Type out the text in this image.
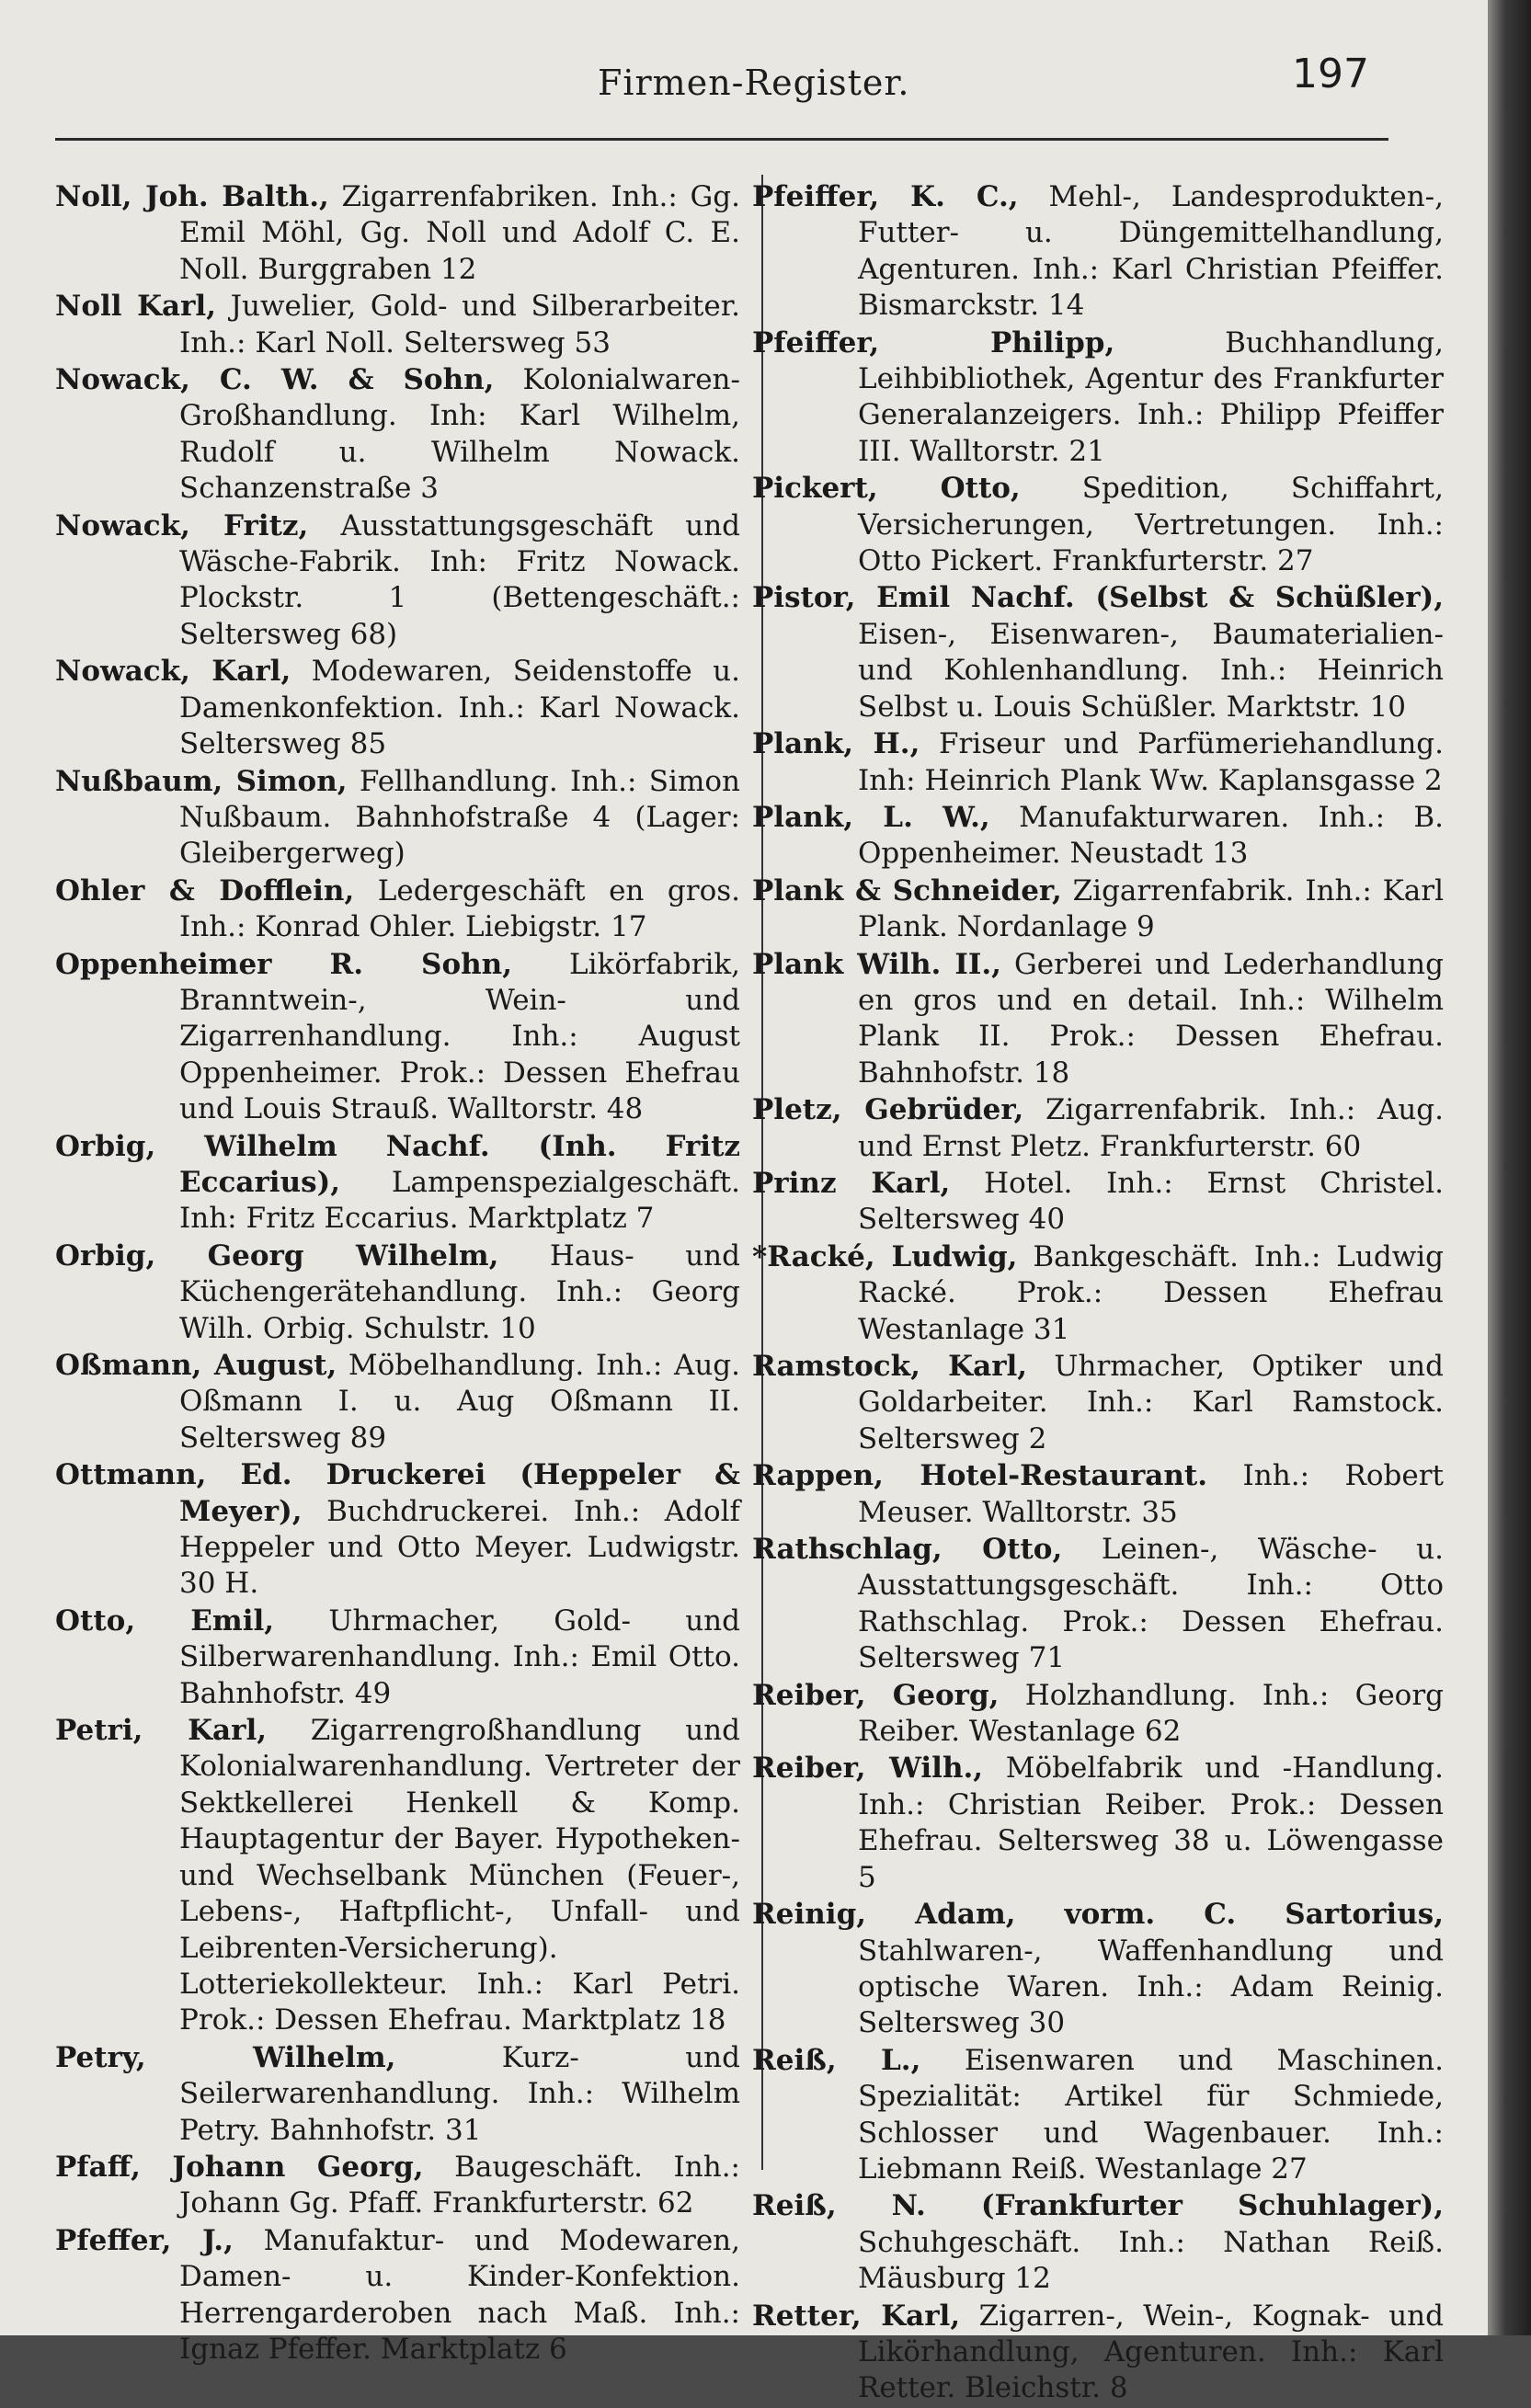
Firmen-Register.	197
Noll, Joh. Balth., Zigarrenfabriken. Inh.: Gg. Emil Möhl, Gg. Noll und Adolf C. E. Noll. Burggraben 12
Noll Karl, Juwelier, Gold- und Silberarbeiter. Inh.: Karl Noll. Seltersweg 53
Nowack, C. W. & Sohn, Kolonialwaren-Großhandlung. Inh: Karl Wilhelm, Rudolf u. Wilhelm Nowack. Schanzenstraße 3
Nowack, Fritz, Ausstattungsgeschäft und Wäsche-Fabrik. Inh: Fritz Nowack. Plockstr. 1 (Bettengeschäft.: Seltersweg 68)
Nowack, Karl, Modewaren, Seidenstoffe u. Damenkonfektion. Inh.: Karl Nowack. Seltersweg 85
Nußbaum, Simon, Fellhandlung. Inh.: Simon Nußbaum. Bahnhofstraße 4 (Lager: Gleibergerweg)
Ohler & Dofflein, Ledergeschäft en gros. Inh.: Konrad Ohler. Liebigstr. 17
Oppenheimer R. Sohn, Likörfabrik, Branntwein-, Wein- und Zigarrenhandlung. Inh.: August Oppenheimer. Prok.: Dessen Ehefrau und Louis Strauß. Walltorstr. 48
Orbig, Wilhelm Nachf. (Inh. Fritz Eccarius), Lampenspezialgeschäft. Inh: Fritz Eccarius. Marktplatz 7
Orbig, Georg Wilhelm, Haus- und Küchengerätehandlung. Inh.: Georg Wilh. Orbig. Schulstr. 10
Oßmann, August, Möbelhandlung. Inh.: Aug. Oßmann I. u. Aug Oßmann II. Seltersweg 89
Ottmann, Ed. Druckerei (Heppeler & Meyer), Buchdruckerei. Inh.: Adolf Heppeler und Otto Meyer. Ludwigstr. 30 H.
Otto, Emil, Uhrmacher, Gold- und Silberwarenhandlung. Inh.: Emil Otto. Bahnhofstr. 49
Petri, Karl, Zigarrengroßhandlung und Kolonialwarenhandlung. Vertreter der Sektkellerei Henkell & Komp. Hauptagentur der Bayer. Hypotheken- und Wechselbank München (Feuer-, Lebens-, Haftpflicht-, Unfall- und Leibrenten-Versicherung). Lotteriekollekteur. Inh.: Karl Petri. Prok.: Dessen Ehefrau. Marktplatz 18
Petry, Wilhelm, Kurz- und Seilerwarenhandlung. Inh.: Wilhelm Petry. Bahnhofstr. 31
Pfaff, Johann Georg, Baugeschäft. Inh.: Johann Gg. Pfaff. Frankfurterstr. 62
Pfeffer, J., Manufaktur- und Modewaren, Damen- u. Kinder-Konfektion. Herrengarderoben nach Maß. Inh.: Ignaz Pfeffer. Marktplatz 6
Pfeiffer, K. C., Mehl-, Landesprodukten-, Futter- u. Düngemittelhandlung, Agenturen. Inh.: Karl Christian Pfeiffer. Bismarckstr. 14
Pfeiffer, Philipp, Buchhandlung, Leihbibliothek, Agentur des Frankfurter Generalanzeigers. Inh.: Philipp Pfeiffer III. Walltorstr. 21
Pickert, Otto, Spedition, Schiffahrt, Versicherungen, Vertretungen. Inh.: Otto Pickert. Frankfurterstr. 27
Pistor, Emil Nachf. (Selbst & Schüßler), Eisen-, Eisenwaren-, Baumaterialien- und Kohlenhandlung. Inh.: Heinrich Selbst u. Louis Schüßler. Marktstr. 10
Plank, H., Friseur und Parfümeriehandlung. Inh: Heinrich Plank Ww. Kaplansgasse 2
Plank, L. W., Manufakturwaren. Inh.: B. Oppenheimer. Neustadt 13
Plank & Schneider, Zigarrenfabrik. Inh.: Karl Plank. Nordanlage 9
Plank Wilh. II., Gerberei und Lederhandlung en gros und en detail. Inh.: Wilhelm Plank II. Prok.: Dessen Ehefrau. Bahnhofstr. 18
Pletz, Gebrüder, Zigarrenfabrik. Inh.: Aug. und Ernst Pletz. Frankfurterstr. 60
Prinz Karl, Hotel. Inh.: Ernst Christel. Seltersweg 40
*Racké, Ludwig, Bankgeschäft. Inh.: Ludwig Racké. Prok.: Dessen Ehefrau Westanlage 31
Ramstock, Karl, Uhrmacher, Optiker und Goldarbeiter. Inh.: Karl Ramstock. Seltersweg 2
Rappen, Hotel-Restaurant. Inh.: Robert Meuser. Walltorstr. 35
Rathschlag, Otto, Leinen-, Wäsche- u. Ausstattungsgeschäft. Inh.: Otto Rathschlag. Prok.: Dessen Ehefrau. Seltersweg 71
Reiber, Georg, Holzhandlung. Inh.: Georg Reiber. Westanlage 62
Reiber, Wilh., Möbelfabrik und -Handlung. Inh.: Christian Reiber. Prok.: Dessen Ehefrau. Seltersweg 38 u. Löwengasse 5
Reinig, Adam, vorm. C. Sartorius, Stahlwaren-, Waffenhandlung und optische Waren. Inh.: Adam Reinig. Seltersweg 30
Reiß, L., Eisenwaren und Maschinen. Spezialität: Artikel für Schmiede, Schlosser und Wagenbauer. Inh.: Liebmann Reiß. Westanlage 27
Reiß, N. (Frankfurter Schuhlager), Schuhgeschäft. Inh.: Nathan Reiß. Mäusburg 12
Retter, Karl, Zigarren-, Wein-, Kognak- und Likörhandlung, Agenturen. Inh.: Karl Retter. Bleichstr. 8
